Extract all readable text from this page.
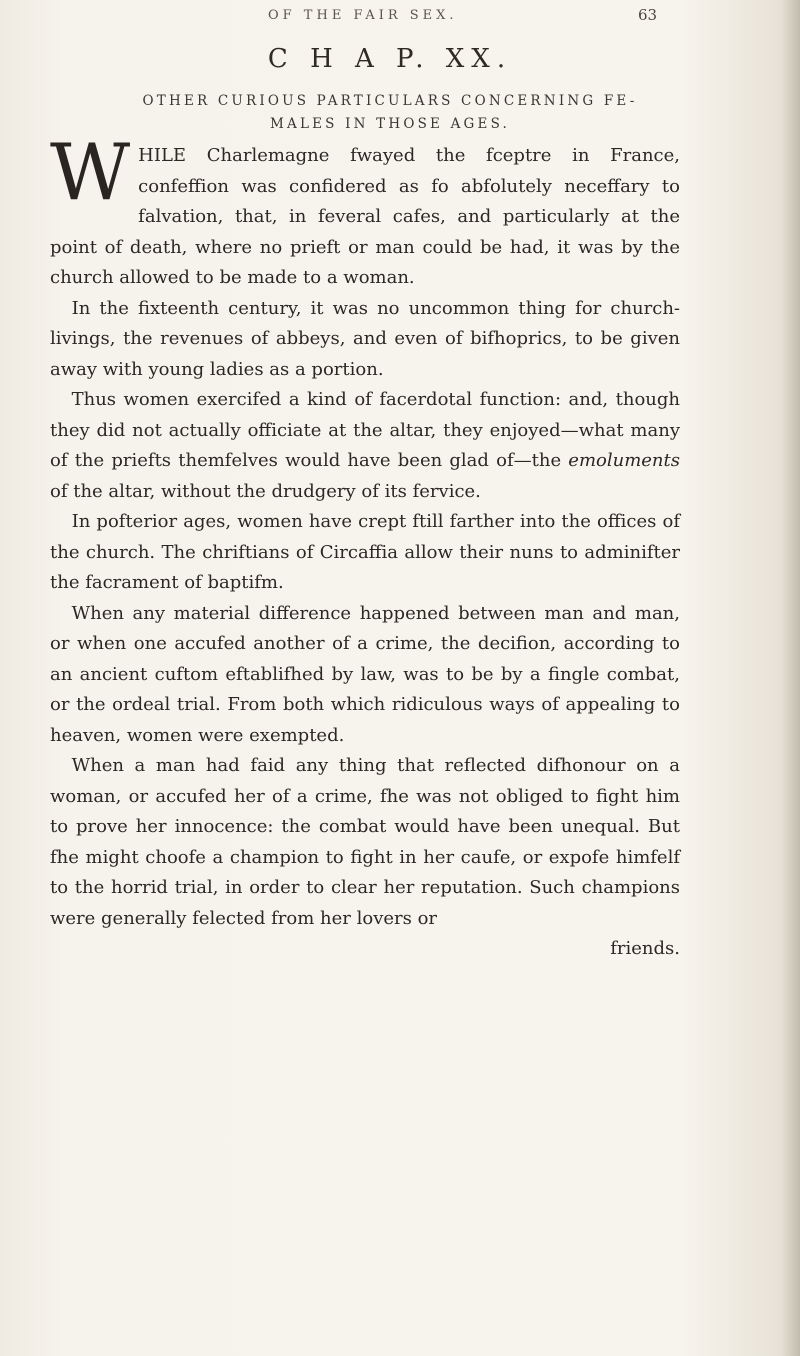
OF THE FAIR SEX.	63
C H A P. XX.
OTHER CURIOUS PARTICULARS CONCERNING FE-
MALES IN THOSE AGES.

WHILE Charlemagne fwayed the fceptre in France, confeffion was confidered as fo abfolutely neceffary to falvation, that, in feveral cafes, and particularly at the point of death, where no prieft or man could be had, it was by the church allowed to be made to a woman.

In the fixteenth century, it was no uncommon thing for church-livings, the revenues of abbeys, and even of bifhoprics, to be given away with young ladies as a portion.

Thus women exercifed a kind of facerdotal function: and, though they did not actually officiate at the altar, they enjoyed—what many of the priefts themfelves would have been glad of—the emoluments of the altar, without the drudgery of its fervice.

In pofterior ages, women have crept ftill farther into the offices of the church. The chriftians of Circaffia allow their nuns to adminifter the facrament of baptifm.

When any material difference happened between man and man, or when one accufed another of a crime, the decifion, according to an ancient cuftom eftablifhed by law, was to be by a fingle combat, or the ordeal trial. From both which ridiculous ways of appealing to heaven, women were exempted.

When a man had faid any thing that reflected difhonour on a woman, or accufed her of a crime, fhe was not obliged to fight him to prove her innocence: the combat would have been unequal. But fhe might choofe a champion to fight in her caufe, or expofe himfelf to the horrid trial, in order to clear her reputation. Such champions were generally felected from her lovers or

friends.
